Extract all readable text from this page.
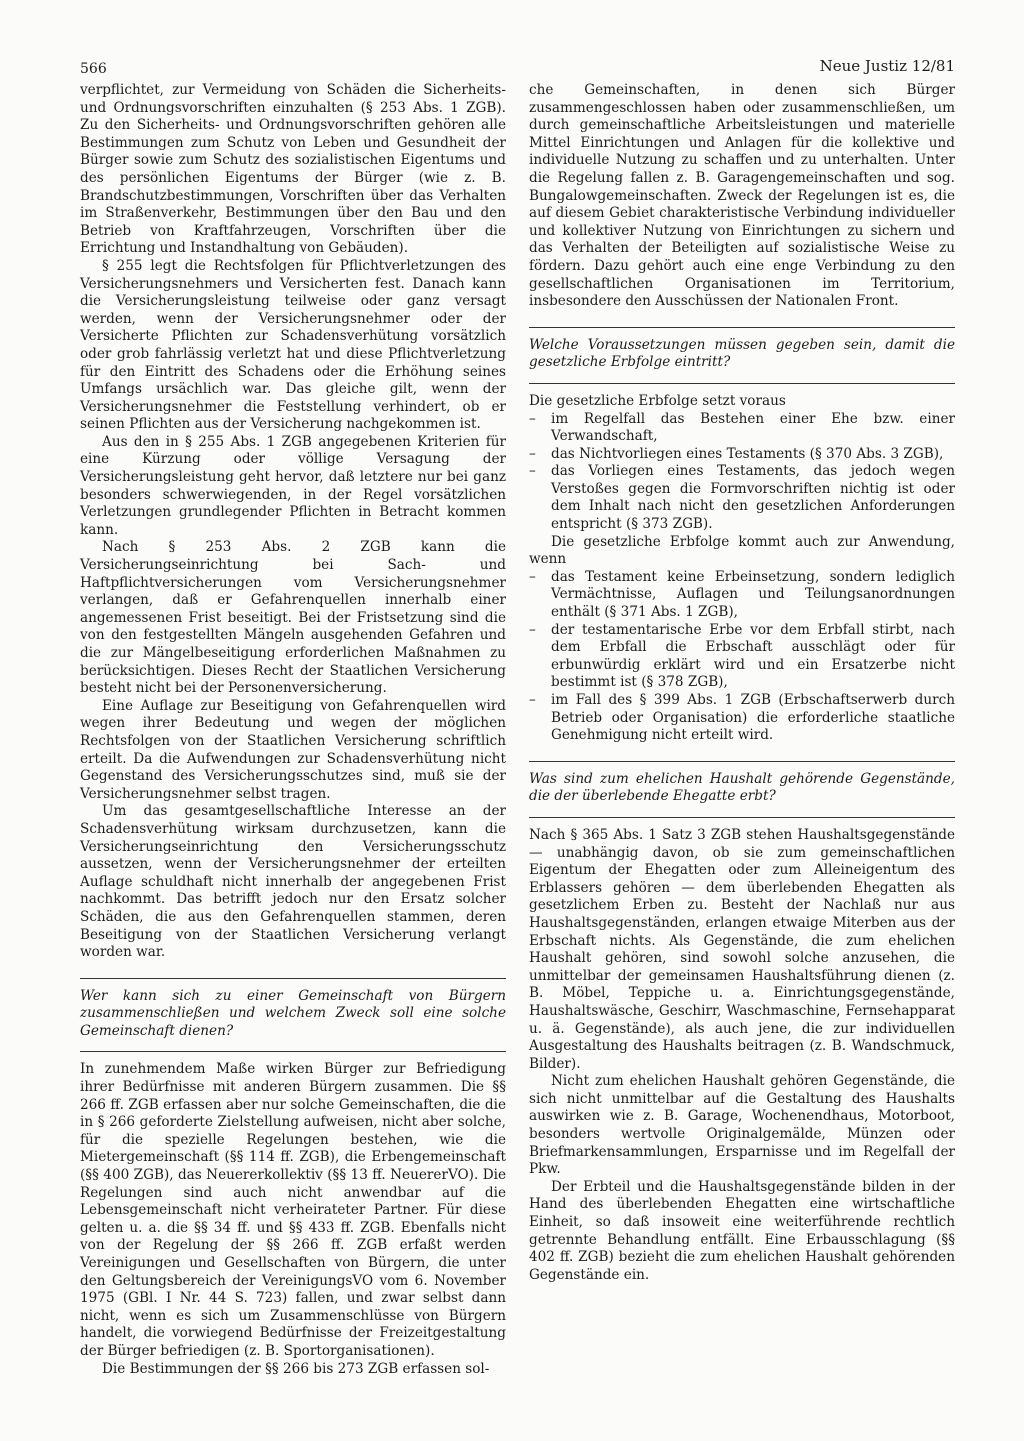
566	Neue Justiz 12/81

verpflichtet, zur Vermeidung von Schäden die Sicherheits- und Ordnungsvorschriften einzuhalten (§ 253 Abs. 1 ZGB). Zu den Sicherheits- und Ordnungsvorschriften gehören alle Bestimmungen zum Schutz von Leben und Gesundheit der Bürger sowie zum Schutz des sozialistischen Eigentums und des persönlichen Eigentums der Bürger (wie z. B. Brandschutzbestimmungen, Vorschriften über das Verhalten im Straßenverkehr, Bestimmungen über den Bau und den Betrieb von Kraftfahrzeugen, Vorschriften über die Errichtung und Instandhaltung von Gebäuden).

§ 255 legt die Rechtsfolgen für Pflichtverletzungen des Versicherungsnehmers und Versicherten fest. Danach kann die Versicherungsleistung teilweise oder ganz versagt werden, wenn der Versicherungsnehmer oder der Versicherte Pflichten zur Schadensverhütung vorsätzlich oder grob fahrlässig verletzt hat und diese Pflichtverletzung für den Eintritt des Schadens oder die Erhöhung seines Umfangs ursächlich war. Das gleiche gilt, wenn der Versicherungsnehmer die Feststellung verhindert, ob er seinen Pflichten aus der Versicherung nachgekommen ist.

Aus den in § 255 Abs. 1 ZGB angegebenen Kriterien für eine Kürzung oder völlige Versagung der Versicherungsleistung geht hervor, daß letztere nur bei ganz besonders schwerwiegenden, in der Regel vorsätzlichen Verletzungen grundlegender Pflichten in Betracht kommen kann.

Nach § 253 Abs. 2 ZGB kann die Versicherungseinrichtung bei Sach- und Haftpflichtversicherungen vom Versicherungsnehmer verlangen, daß er Gefahrenquellen innerhalb einer angemessenen Frist beseitigt. Bei der Fristsetzung sind die von den festgestellten Mängeln ausgehenden Gefahren und die zur Mängelbeseitigung erforderlichen Maßnahmen zu berücksichtigen. Dieses Recht der Staatlichen Versicherung besteht nicht bei der Personenversicherung.

Eine Auflage zur Beseitigung von Gefahrenquellen wird wegen ihrer Bedeutung und wegen der möglichen Rechtsfolgen von der Staatlichen Versicherung schriftlich erteilt. Da die Aufwendungen zur Schadensverhütung nicht Gegenstand des Versicherungsschutzes sind, muß sie der Versicherungsnehmer selbst tragen.

Um das gesamtgesellschaftliche Interesse an der Schadensverhütung wirksam durchzusetzen, kann die Versicherungseinrichtung den Versicherungsschutz aussetzen, wenn der Versicherungsnehmer der erteilten Auflage schuldhaft nicht innerhalb der angegebenen Frist nachkommt. Das betrifft jedoch nur den Ersatz solcher Schäden, die aus den Gefahrenquellen stammen, deren Beseitigung von der Staatlichen Versicherung verlangt worden war.

Wer kann sich zu einer Gemeinschaft von Bürgern zusammenschließen und welchem Zweck soll eine solche Gemeinschaft dienen?

In zunehmendem Maße wirken Bürger zur Befriedigung ihrer Bedürfnisse mit anderen Bürgern zusammen. Die §§ 266 ff. ZGB erfassen aber nur solche Gemeinschaften, die die in § 266 geforderte Zielstellung aufweisen, nicht aber solche, für die spezielle Regelungen bestehen, wie die Mietergemeinschaft (§§ 114 ff. ZGB), die Erbengemeinschaft (§§ 400 ZGB), das Neuererkollektiv (§§ 13 ff. NeuererVO). Die Regelungen sind auch nicht anwendbar auf die Lebensgemeinschaft nicht verheirateter Partner. Für diese gelten u. a. die §§ 34 ff. und §§ 433 ff. ZGB. Ebenfalls nicht von der Regelung der §§ 266 ff. ZGB erfaßt werden Vereinigungen und Gesellschaften von Bürgern, die unter den Geltungsbereich der VereinigungsVO vom 6. November 1975 (GBl. I Nr. 44 S. 723) fallen, und zwar selbst dann nicht, wenn es sich um Zusammenschlüsse von Bürgern handelt, die vorwiegend Bedürfnisse der Freizeitgestaltung der Bürger befriedigen (z. B. Sportorganisationen).

Die Bestimmungen der §§ 266 bis 273 ZGB erfassen sol-

che Gemeinschaften, in denen sich Bürger zusammengeschlossen haben oder zusammenschließen, um durch gemeinschaftliche Arbeitsleistungen und materielle Mittel Einrichtungen und Anlagen für die kollektive und individuelle Nutzung zu schaffen und zu unterhalten. Unter die Regelung fallen z. B. Garagengemeinschaften und sog. Bungalowgemeinschaften. Zweck der Regelungen ist es, die auf diesem Gebiet charakteristische Verbindung individueller und kollektiver Nutzung von Einrichtungen zu sichern und das Verhalten der Beteiligten auf sozialistische Weise zu fördern. Dazu gehört auch eine enge Verbindung zu den gesellschaftlichen Organisationen im Territorium, insbesondere den Ausschüssen der Nationalen Front.

Welche Voraussetzungen müssen gegeben sein, damit die gesetzliche Erbfolge eintritt?

Die gesetzliche Erbfolge setzt voraus

– im Regelfall das Bestehen einer Ehe bzw. einer Verwandschaft,
– das Nichtvorliegen eines Testaments (§ 370 Abs. 3 ZGB),
– das Vorliegen eines Testaments, das jedoch wegen Verstoßes gegen die Formvorschriften nichtig ist oder dem Inhalt nach nicht den gesetzlichen Anforderungen entspricht (§ 373 ZGB).

Die gesetzliche Erbfolge kommt auch zur Anwendung, wenn

– das Testament keine Erbeinsetzung, sondern lediglich Vermächtnisse, Auflagen und Teilungsanordnungen enthält (§ 371 Abs. 1 ZGB),
– der testamentarische Erbe vor dem Erbfall stirbt, nach dem Erbfall die Erbschaft ausschlägt oder für erbunwürdig erklärt wird und ein Ersatzerbe nicht bestimmt ist (§ 378 ZGB),
– im Fall des § 399 Abs. 1 ZGB (Erbschaftserwerb durch Betrieb oder Organisation) die erforderliche staatliche Genehmigung nicht erteilt wird.

Was sind zum ehelichen Haushalt gehörende Gegenstände, die der überlebende Ehegatte erbt?

Nach § 365 Abs. 1 Satz 3 ZGB stehen Haushaltsgegenstände — unabhängig davon, ob sie zum gemeinschaftlichen Eigentum der Ehegatten oder zum Alleineigentum des Erblassers gehören — dem überlebenden Ehegatten als gesetzlichem Erben zu. Besteht der Nachlaß nur aus Haushaltsgegenständen, erlangen etwaige Miterben aus der Erbschaft nichts. Als Gegenstände, die zum ehelichen Haushalt gehören, sind sowohl solche anzusehen, die unmittelbar der gemeinsamen Haushaltsführung dienen (z. B. Möbel, Teppiche u. a. Einrichtungsgegenstände, Haushaltswäsche, Geschirr, Waschmaschine, Fernsehapparat u. ä. Gegenstände), als auch jene, die zur individuellen Ausgestaltung des Haushalts beitragen (z. B. Wandschmuck, Bilder).

Nicht zum ehelichen Haushalt gehören Gegenstände, die sich nicht unmittelbar auf die Gestaltung des Haushalts auswirken wie z. B. Garage, Wochenendhaus, Motorboot, besonders wertvolle Originalgemälde, Münzen oder Briefmarkensammlungen, Ersparnisse und im Regelfall der Pkw.

Der Erbteil und die Haushaltsgegenstände bilden in der Hand des überlebenden Ehegatten eine wirtschaftliche Einheit, so daß insoweit eine weiterführende rechtlich getrennte Behandlung entfällt. Eine Erbausschlagung (§§ 402 ff. ZGB) bezieht die zum ehelichen Haushalt gehörenden Gegenstände ein.
